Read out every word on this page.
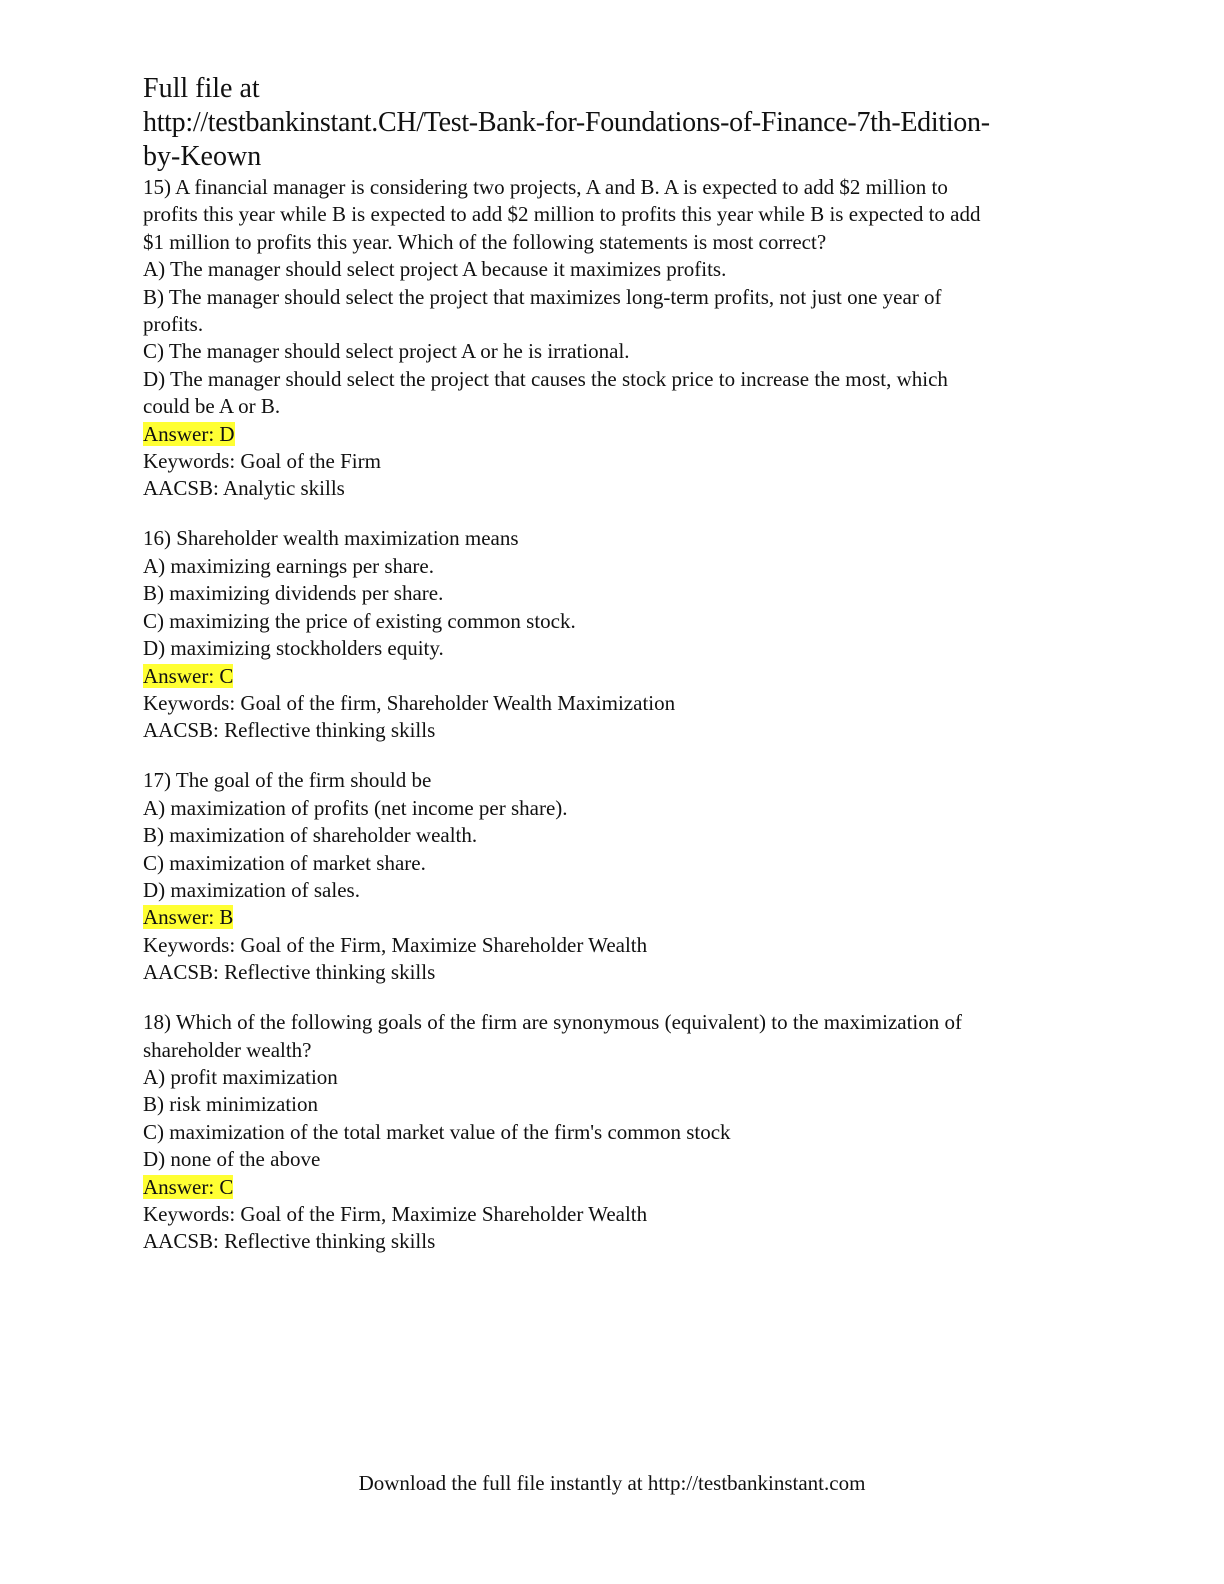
Full file at
http://testbankinstant.CH/Test-Bank-for-Foundations-of-Finance-7th-Edition-
by-Keown
15) A financial manager is considering two projects, A and B. A is expected to add $2 million to
profits this year while B is expected to add $2 million to profits this year while B is expected to add
$1 million to profits this year. Which of the following statements is most correct?
A) The manager should select project A because it maximizes profits.
B) The manager should select the project that maximizes long-term profits, not just one year of
profits.
C) The manager should select project A or he is irrational.
D) The manager should select the project that causes the stock price to increase the most, which
could be A or B.
Answer: D
Keywords: Goal of the Firm
AACSB: Analytic skills
16) Shareholder wealth maximization means
A) maximizing earnings per share.
B) maximizing dividends per share.
C) maximizing the price of existing common stock.
D) maximizing stockholders equity.
Answer: C
Keywords: Goal of the firm, Shareholder Wealth Maximization
AACSB: Reflective thinking skills
17) The goal of the firm should be
A) maximization of profits (net income per share).
B) maximization of shareholder wealth.
C) maximization of market share.
D) maximization of sales.
Answer: B
Keywords: Goal of the Firm, Maximize Shareholder Wealth
AACSB: Reflective thinking skills
18) Which of the following goals of the firm are synonymous (equivalent) to the maximization of
shareholder wealth?
A) profit maximization
B) risk minimization
C) maximization of the total market value of the firm's common stock
D) none of the above
Answer: C
Keywords: Goal of the Firm, Maximize Shareholder Wealth
AACSB: Reflective thinking skills
Download the full file instantly at http://testbankinstant.com
